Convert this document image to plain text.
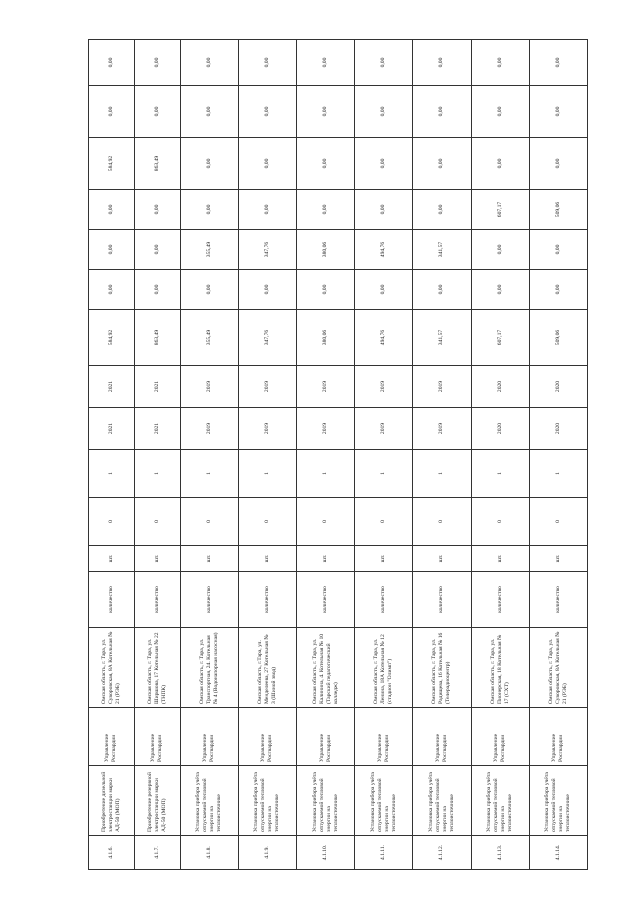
4.1.6.	Приобретение дизельной электростанции марки АД-50 (МОП)	Управление Росгвардии	Омская область, г. Тара, ул. Суворовская, 8А Котельная № 21 (РЭБ)	количество	шт.	0	1	2021	2021	584,92	0,00	0,00	0,00	584,92	0,00	0,00
4.1.7.	Приобретение резервной электростанции марки АД-50 (МОП)	Управление Росгвардии	Омская область, г. Тара, ул. Ширшова, 17 Котельная № 22 (ТНПК)	количество	шт.	0	1	2021	2021	863,49	0,00	0,00	0,00	863,49	0,00	0,00
4.1.8.	Установка прибора учёта отпускаемой тепловой энергии на теплоисточнике	Управление Росгвардии	Омская область, г. Тара, ул. Транспортная, 24. Котельная № 4 (Водонапорная насосная)	количество	шт.	0	1	2019	2019	355,49	0,00	355,49	0,00	0,00	0,00	0,00
4.1.9.	Установка прибора учёта отпускаемой тепловой энергии на теплоисточнике	Управление Росгвардии	Омская область, г.Тара, ул. Менделеева, 27 Котельная № 3 (Шиной звод)	количество	шт.	0	1	2019	2019	347,76	0,00	347,76	0,00	0,00	0,00	0,00
4.1.10.	Установка прибора учёта отпускаемой тепловой энергии на теплоисточнике	Управление Росгвардии	Омская область, г. Тара, ул. Калинина, 4. Котельная № 10 (Тарский педагогический колледж)	количество	шт.	0	1	2019	2019	380,06	0,00	380,06	0,00	0,00	0,00	0,00
4.1.11.	Установка прибора учёта отпускаемой тепловой энергии на теплоисточнике	Управление Росгвардии	Омская область, г. Тара, ул. Ленина, 18А Котельная № 12 (стадион "Олимп")	количество	шт.	0	1	2019	2019	494,76	0,00	494,76	0,00	0,00	0,00	0,00
4.1.12.	Установка прибора учёта отпускаемой тепловой энергии на теплоисточнике	Управление Росгвардии	Омская область, г. Тара, ул. Радищева, 16 Котельная № 16 (Телерадиоцентр)	количество	шт.	0	1	2019	2019	341,57	0,00	341,57	0,00	0,00	0,00	0,00
4.1.13.	Установка прибора учёта отпускаемой тепловой энергии на теплоисточнике	Управление Росгвардии	Омская область, г. Тара, ул. Пионерская, 18 Котельная № 17 (СХТ)	количество	шт.	0	1	2020	2020	607,17	0,00	0,00	607,17	0,00	0,00	0,00
4.1.14.	Установка прибора учёта отпускаемой тепловой энергии на теплоисточнике	Управление Росгвардии	Омская область, г. Тара, ул. Суворовская, 8А Котельная № 21 (РЭБ)	количество	шт.	0	1	2020	2020	509,06	0,00	0,00	509,06	0,00	0,00	0,00
